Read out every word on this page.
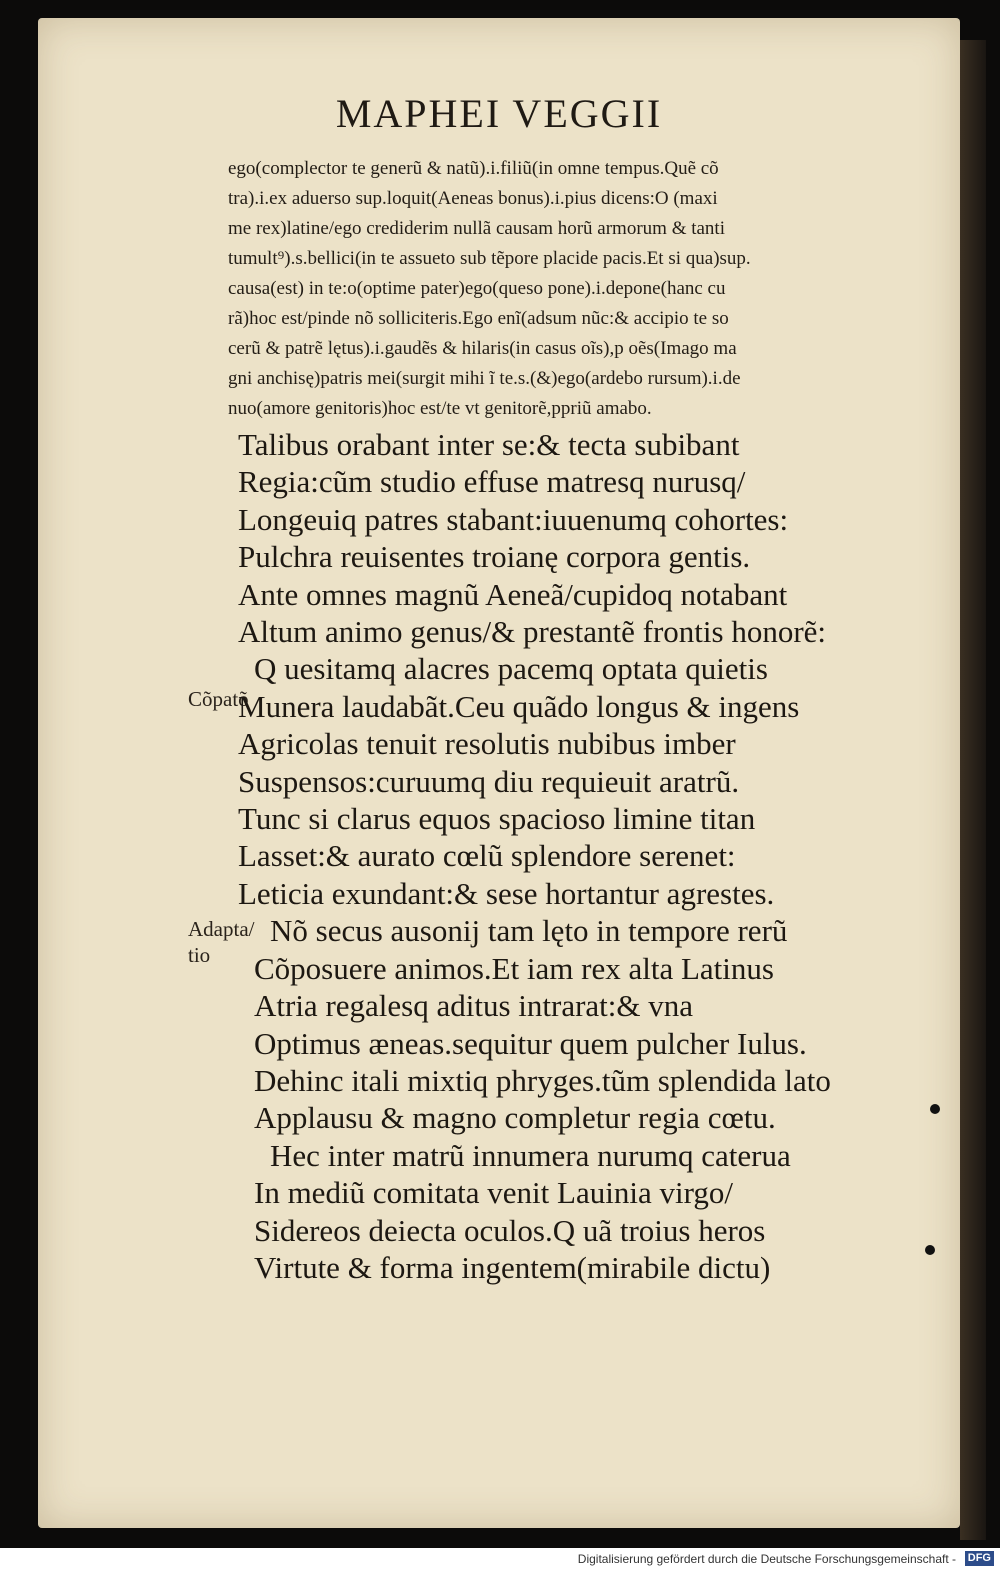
MAPHEI VEGGII
ego(complector te generũ & natũ).i.filiũ(in omne tempus.Quẽ cõ
tra).i.ex aduerso sup.loquit(Aeneas bonus).i.pius dicens:O (maxi
me rex)latine/ego crediderim nullã causam horũ armorum & tanti
tumult⁹).s.bellici(in te assueto sub tẽpore placide pacis.Et si qua)sup.
causa(est) in te:o(optime pater)ego(queso pone).i.depone(hanc cu
rã)hoc est/pinde nõ solliciteris.Ego enĩ(adsum nũc:& accipio te so
cerũ & patrẽ lętus).i.gaudẽs & hilaris(in casus oĩs),p oẽs(Imago ma
gni anchisę)patris mei(surgit mihi ĩ te.s.(&)ego(ardebo rursum).i.de
nuo(amore genitoris)hoc est/te vt genitorẽ,ppriũ amabo.
Cõpatõ
Adapta/ tio
Talibus orabant inter se:& tecta subibant
Regia:cũm studio effuse matresq nurusq/
Longeuiq patres stabant:iuuenumq cohortes:
Pulchra reuisentes troianę corpora gentis.
Ante omnes magnũ Aeneã/cupidoq notabant
Altum animo genus/& prestantẽ frontis honorẽ:
Q uesitamq alacres pacemq optata quietis
Munera laudabãt.Ceu quãdo longus & ingens
Agricolas tenuit resolutis nubibus imber
Suspensos:curuumq diu requieuit aratrũ.
Tunc si clarus equos spacioso limine titan
Lasset:& aurato cœlũ splendore serenet:
Leticia exundant:& sese hortantur agrestes.
Nõ secus ausonij tam lęto in tempore rerũ
Cõposuere animos.Et iam rex alta Latinus
Atria regalesq aditus intrarat:& vna
Optimus æneas.sequitur quem pulcher Iulus.
Dehinc itali mixtiq phryges.tũm splendida lato
Applausu & magno completur regia cœtu.
Hec inter matrũ innumera nurumq caterua
In mediũ comitata venit Lauinia virgo/
Sidereos deiecta oculos.Q uã troius heros
Virtute & forma ingentem(mirabile dictu)
Digitalisierung gefördert durch die Deutsche Forschungsgemeinschaft - DFG
